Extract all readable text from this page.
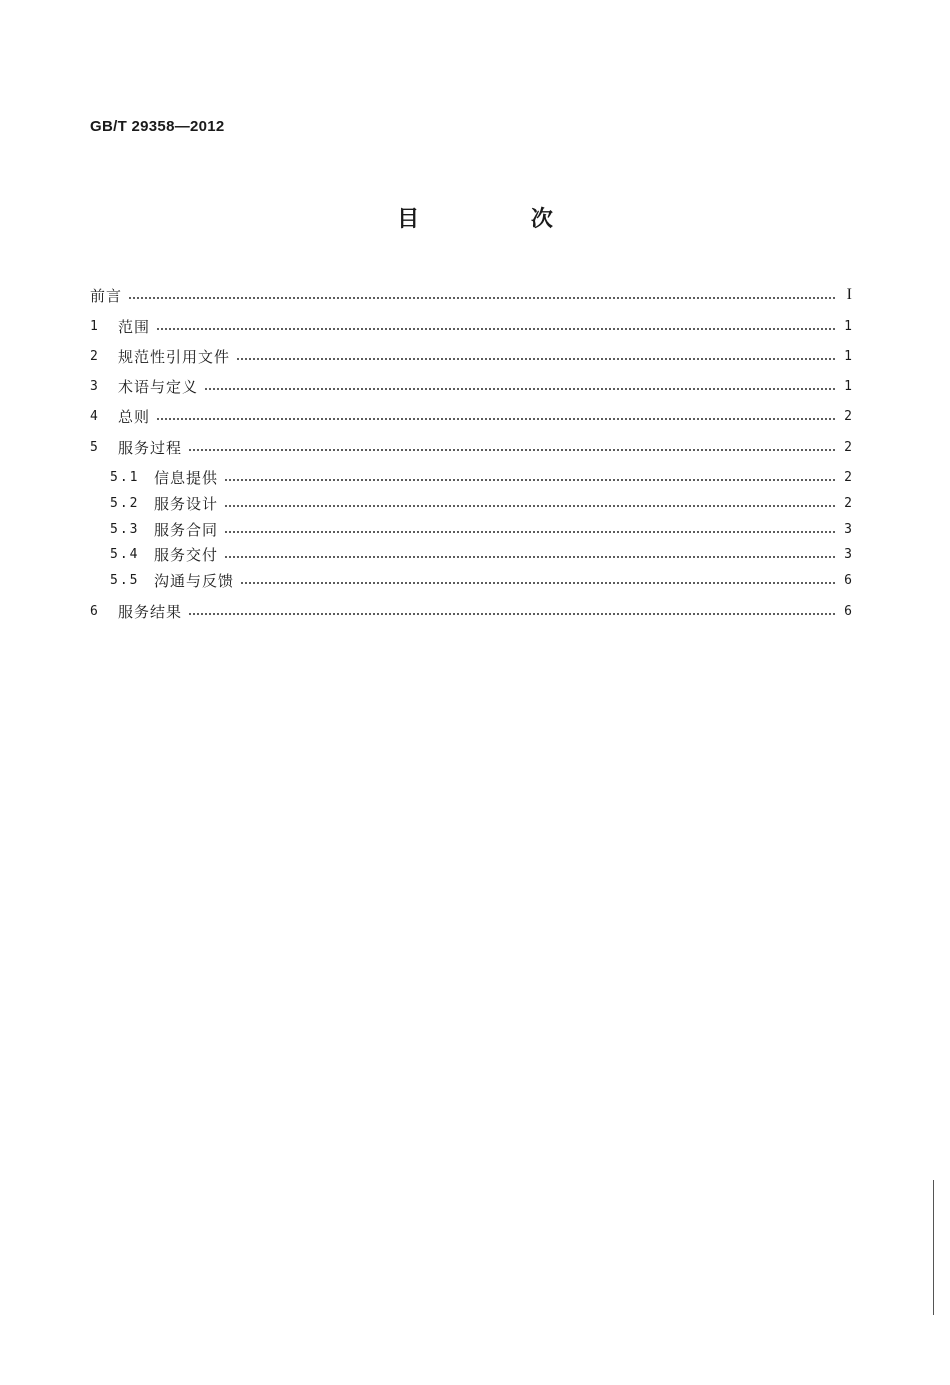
GB/T 29358—2012
目 次
前言	I
1	范围	1
2	规范性引用文件	1
3	术语与定义	1
4	总则	2
5	服务过程	2
5.1 信息提供	2
5.2 服务设计	2
5.3 服务合同	3
5.4 服务交付	3
5.5 沟通与反馈	6
6	服务结果	6
